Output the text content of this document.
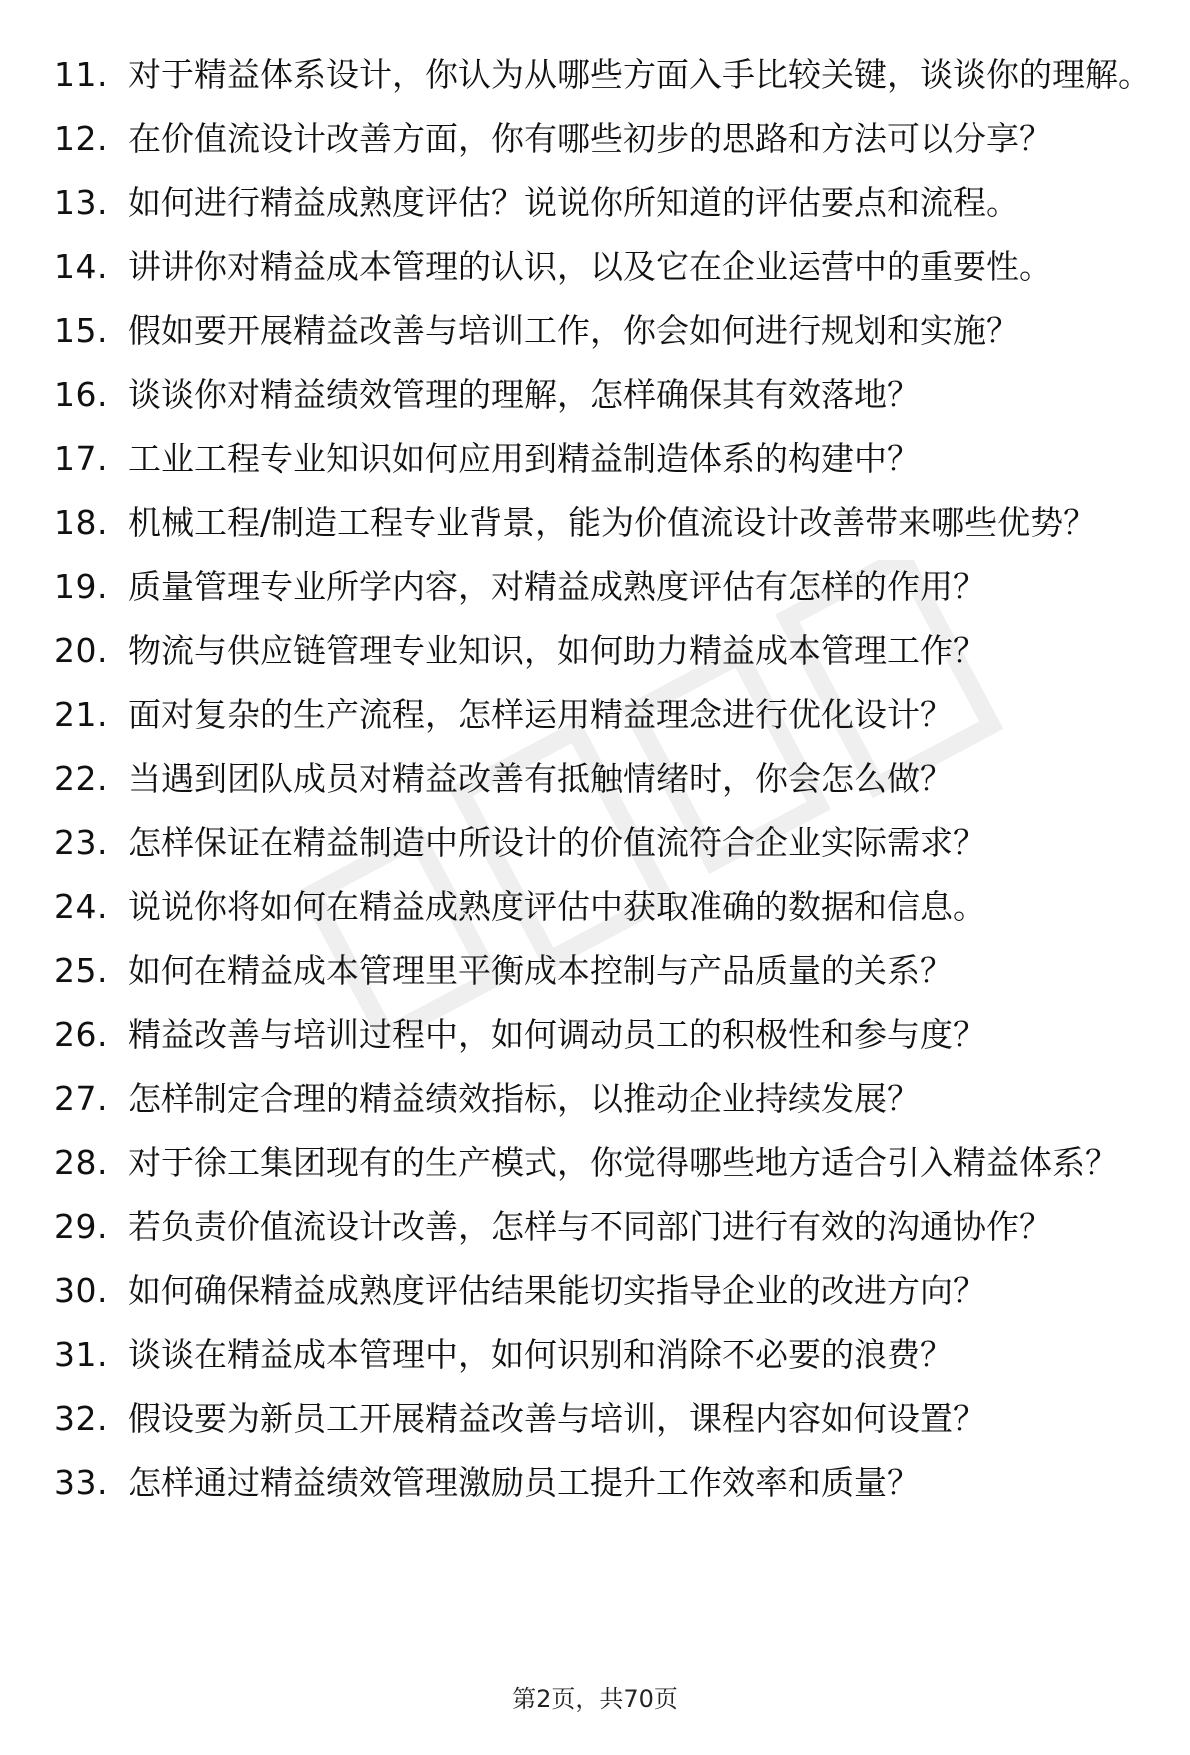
11. 对于精益体系设计，你认为从哪些方面入手比较关键，谈谈你的理解。
12. 在价值流设计改善方面，你有哪些初步的思路和方法可以分享？
13. 如何进行精益成熟度评估？说说你所知道的评估要点和流程。
14. 讲讲你对精益成本管理的认识，以及它在企业运营中的重要性。
15. 假如要开展精益改善与培训工作，你会如何进行规划和实施？
16. 谈谈你对精益绩效管理的理解，怎样确保其有效落地？
17. 工业工程专业知识如何应用到精益制造体系的构建中？
18. 机械工程/制造工程专业背景，能为价值流设计改善带来哪些优势？
19. 质量管理专业所学内容，对精益成熟度评估有怎样的作用？
20. 物流与供应链管理专业知识，如何助力精益成本管理工作？
21. 面对复杂的生产流程，怎样运用精益理念进行优化设计？
22. 当遇到团队成员对精益改善有抵触情绪时，你会怎么做？
23. 怎样保证在精益制造中所设计的价值流符合企业实际需求？
24. 说说你将如何在精益成熟度评估中获取准确的数据和信息。
25. 如何在精益成本管理里平衡成本控制与产品质量的关系？
26. 精益改善与培训过程中，如何调动员工的积极性和参与度？
27. 怎样制定合理的精益绩效指标，以推动企业持续发展？
28. 对于徐工集团现有的生产模式，你觉得哪些地方适合引入精益体系？
29. 若负责价值流设计改善，怎样与不同部门进行有效的沟通协作？
30. 如何确保精益成熟度评估结果能切实指导企业的改进方向？
31. 谈谈在精益成本管理中，如何识别和消除不必要的浪费？
32. 假设要为新员工开展精益改善与培训，课程内容如何设置？
33. 怎样通过精益绩效管理激励员工提升工作效率和质量？
第2页，共70页
